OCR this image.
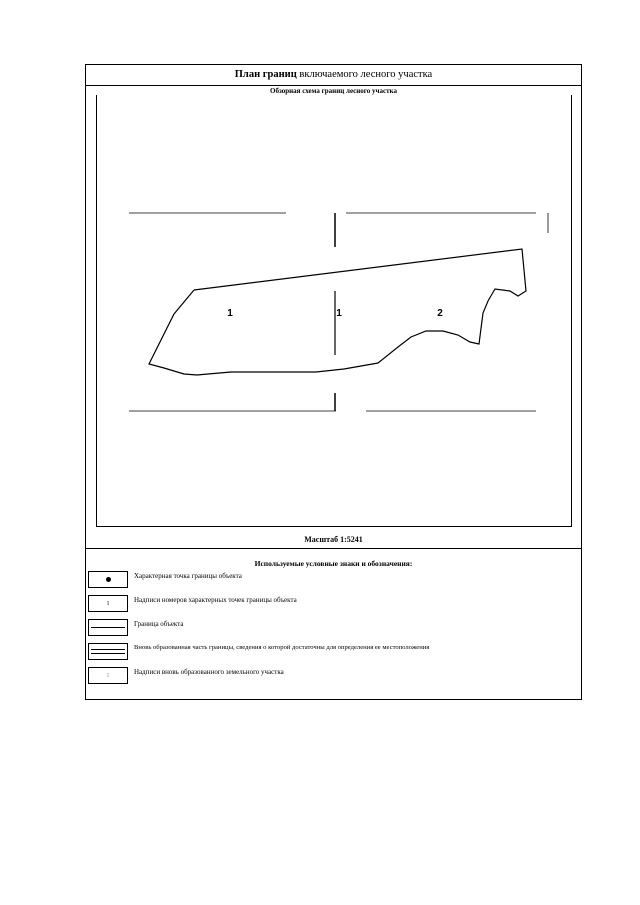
План границ включаемого лесного участка
Обзорная схема границ лесного участка
1	1	2
Масштаб 1:5241
Используемые условные знаки и обозначения:
Характерная точка границы объекта
1	Надписи номеров характерных точек границы объекта
Граница объекта
Вновь образованная часть границы, сведения о которой достаточны для определения ее местоположения
1	Надписи вновь образованного земельного участка
